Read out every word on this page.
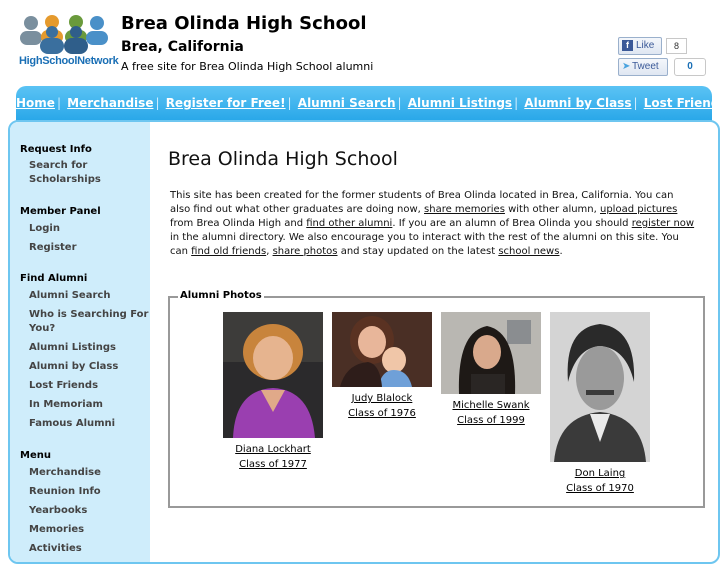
HighSchoolNetwork
Brea Olinda High School
Brea, California
A free site for Brea Olinda High School alumni
f Like	8
➤ Tweet	0
Home | Merchandise | Register for Free! | Alumni Search | Alumni Listings | Alumni by Class | Lost Friends
Request Info
Search for
Scholarships
Member Panel
Login
Register
Find Alumni
Alumni Search
Who is Searching For
You?
Alumni Listings
Alumni by Class
Lost Friends
In Memoriam
Famous Alumni
Menu
Merchandise
Reunion Info
Yearbooks
Memories
Activities
Brea Olinda High School
This site has been created for the former students of Brea Olinda located in Brea, California. You can also find out what other graduates are doing now, share memories with other alumn, upload pictures from Brea Olinda High and find other alumni. If you are an alumn of Brea Olinda you should register now in the alumni directory. We also encourage you to interact with the rest of the alumni on this site. You can find old friends, share photos and stay updated on the latest school news.
Alumni Photos
Diana Lockhart
Class of 1977
Judy Blalock
Class of 1976
Michelle Swank
Class of 1999
Don Laing
Class of 1970
